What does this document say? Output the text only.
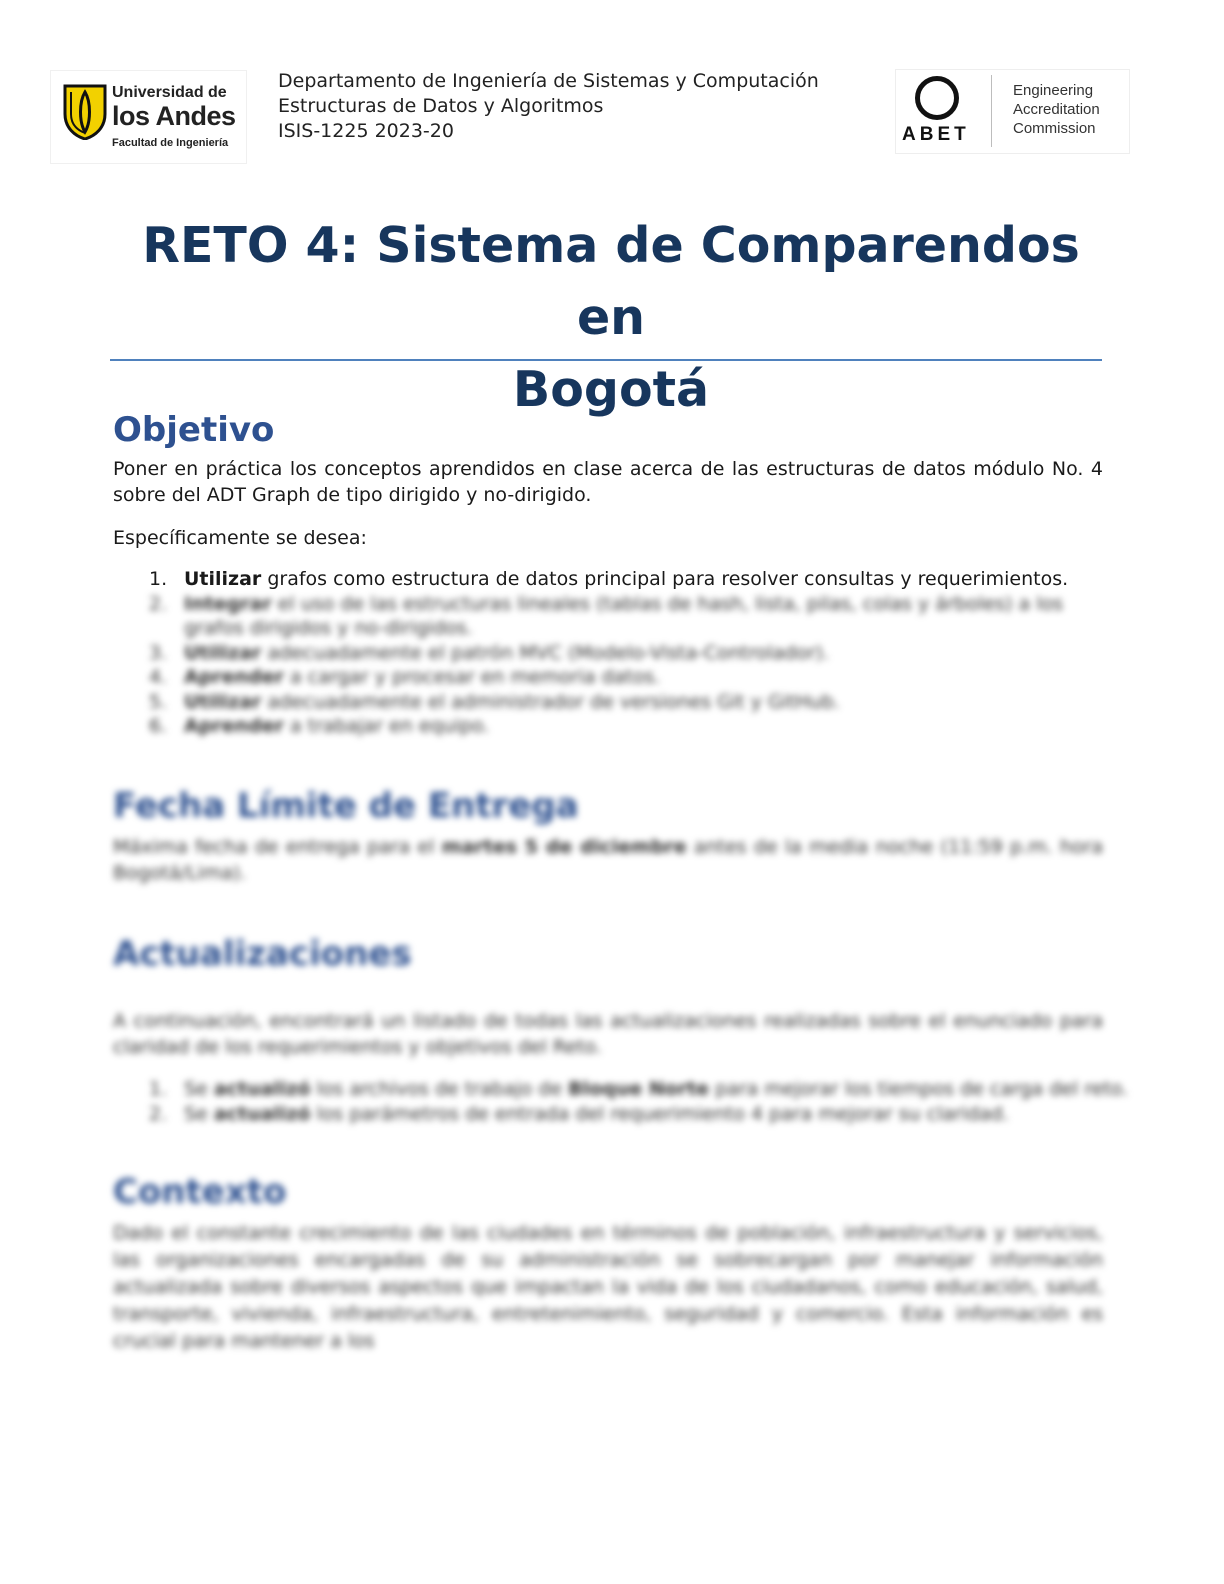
Universidad de
los Andes
Facultad de Ingeniería
Departamento de Ingeniería de Sistemas y Computación
Estructuras de Datos y Algoritmos
ISIS-1225 2023-20	ABET
Engineering
Accreditation
Commission
RETO 4: Sistema de Comparendos en
Bogotá
Objetivo
Poner en práctica los conceptos aprendidos en clase acerca de las estructuras de datos módulo No. 4 sobre del ADT Graph de tipo dirigido y no-dirigido.
Específicamente se desea:
1. Utilizar grafos como estructura de datos principal para resolver consultas y requerimientos.
2. Integrar el uso de las estructuras lineales (tablas de hash, lista, pilas, colas y árboles) a los grafos dirigidos y no-dirigidos.
3. Utilizar adecuadamente el patrón MVC (Modelo-Vista-Controlador).
4. Aprender a cargar y procesar en memoria datos.
5. Utilizar adecuadamente el administrador de versiones Git y GitHub.
6. Aprender a trabajar en equipo.
Fecha Límite de Entrega
Máxima fecha de entrega para el martes 5 de diciembre antes de la media noche (11:59 p.m. hora Bogotá/Lima).
Actualizaciones
A continuación, encontrará un listado de todas las actualizaciones realizadas sobre el enunciado para claridad de los requerimientos y objetivos del Reto.
1. Se actualizó los archivos de trabajo de Bloque Norte para mejorar los tiempos de carga del reto.
2. Se actualizó los parámetros de entrada del requerimiento 4 para mejorar su claridad.
Contexto
Dado el constante crecimiento de las ciudades en términos de población, infraestructura y servicios, las organizaciones encargadas de su administración se sobrecargan por manejar información actualizada sobre diversos aspectos que impactan la vida de los ciudadanos, como educación, salud, transporte, vivienda, infraestructura, entretenimiento, seguridad y comercio. Esta información es crucial para mantener a los
